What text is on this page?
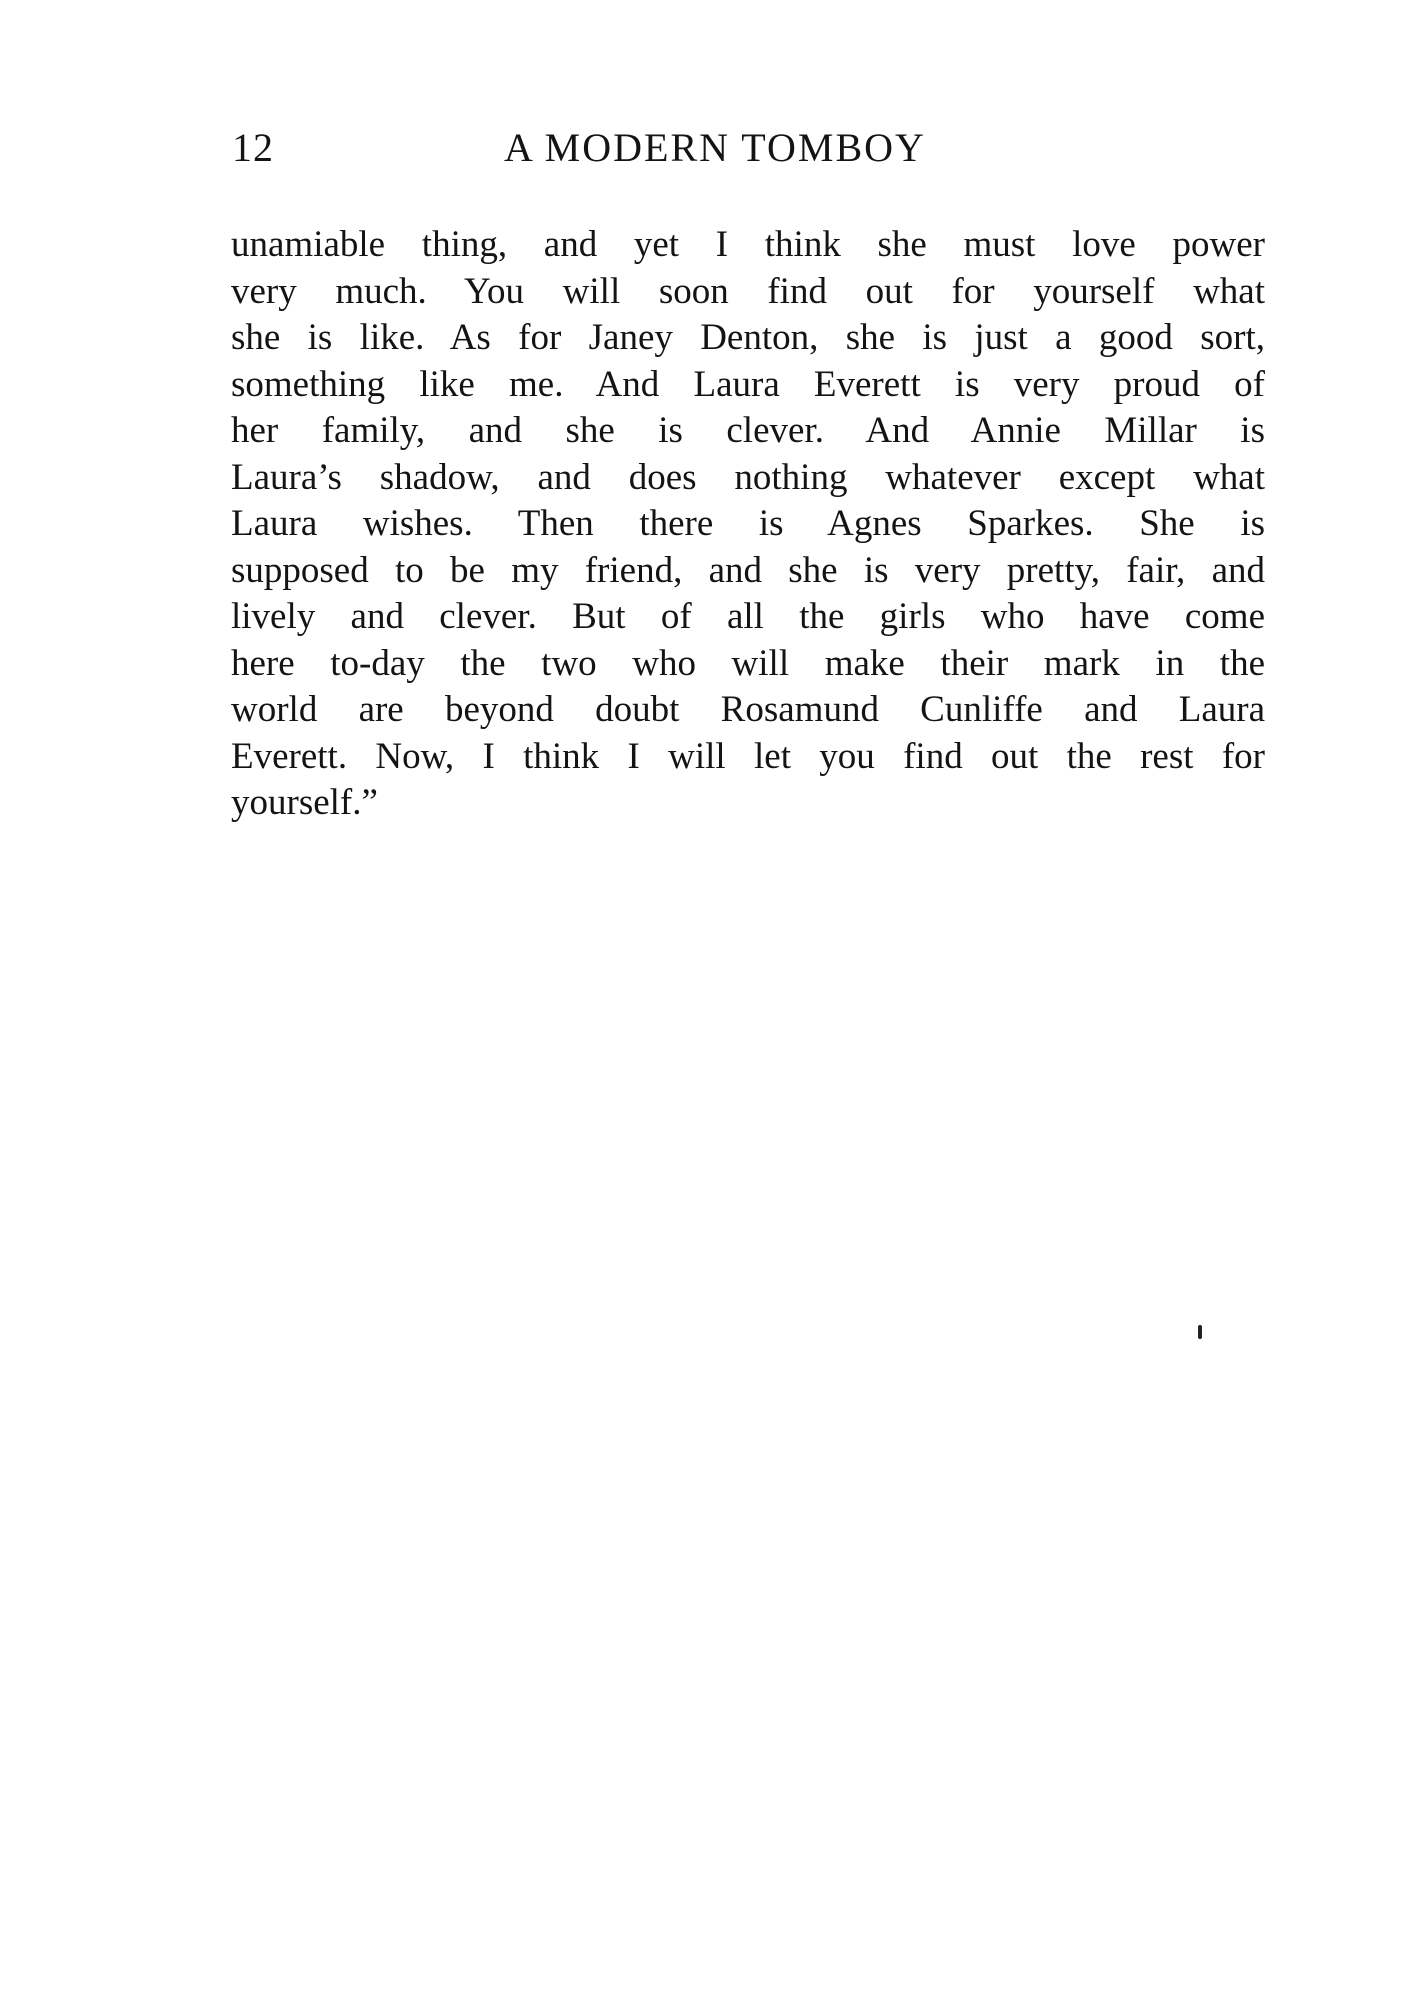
12	A MODERN TOMBOY
unamiable thing, and yet I think she must love power
very much. You will soon find out for yourself what
she is like. As for Janey Denton, she is just a good sort,
something like me. And Laura Everett is very proud of
her family, and she is clever. And Annie Millar is
Laura’s shadow, and does nothing whatever except what
Laura wishes. Then there is Agnes Sparkes. She is
supposed to be my friend, and she is very pretty, fair, and
lively and clever. But of all the girls who have come
here to-day the two who will make their mark in the
world are beyond doubt Rosamund Cunliffe and Laura
Everett. Now, I think I will let you find out the rest for
yourself.”
